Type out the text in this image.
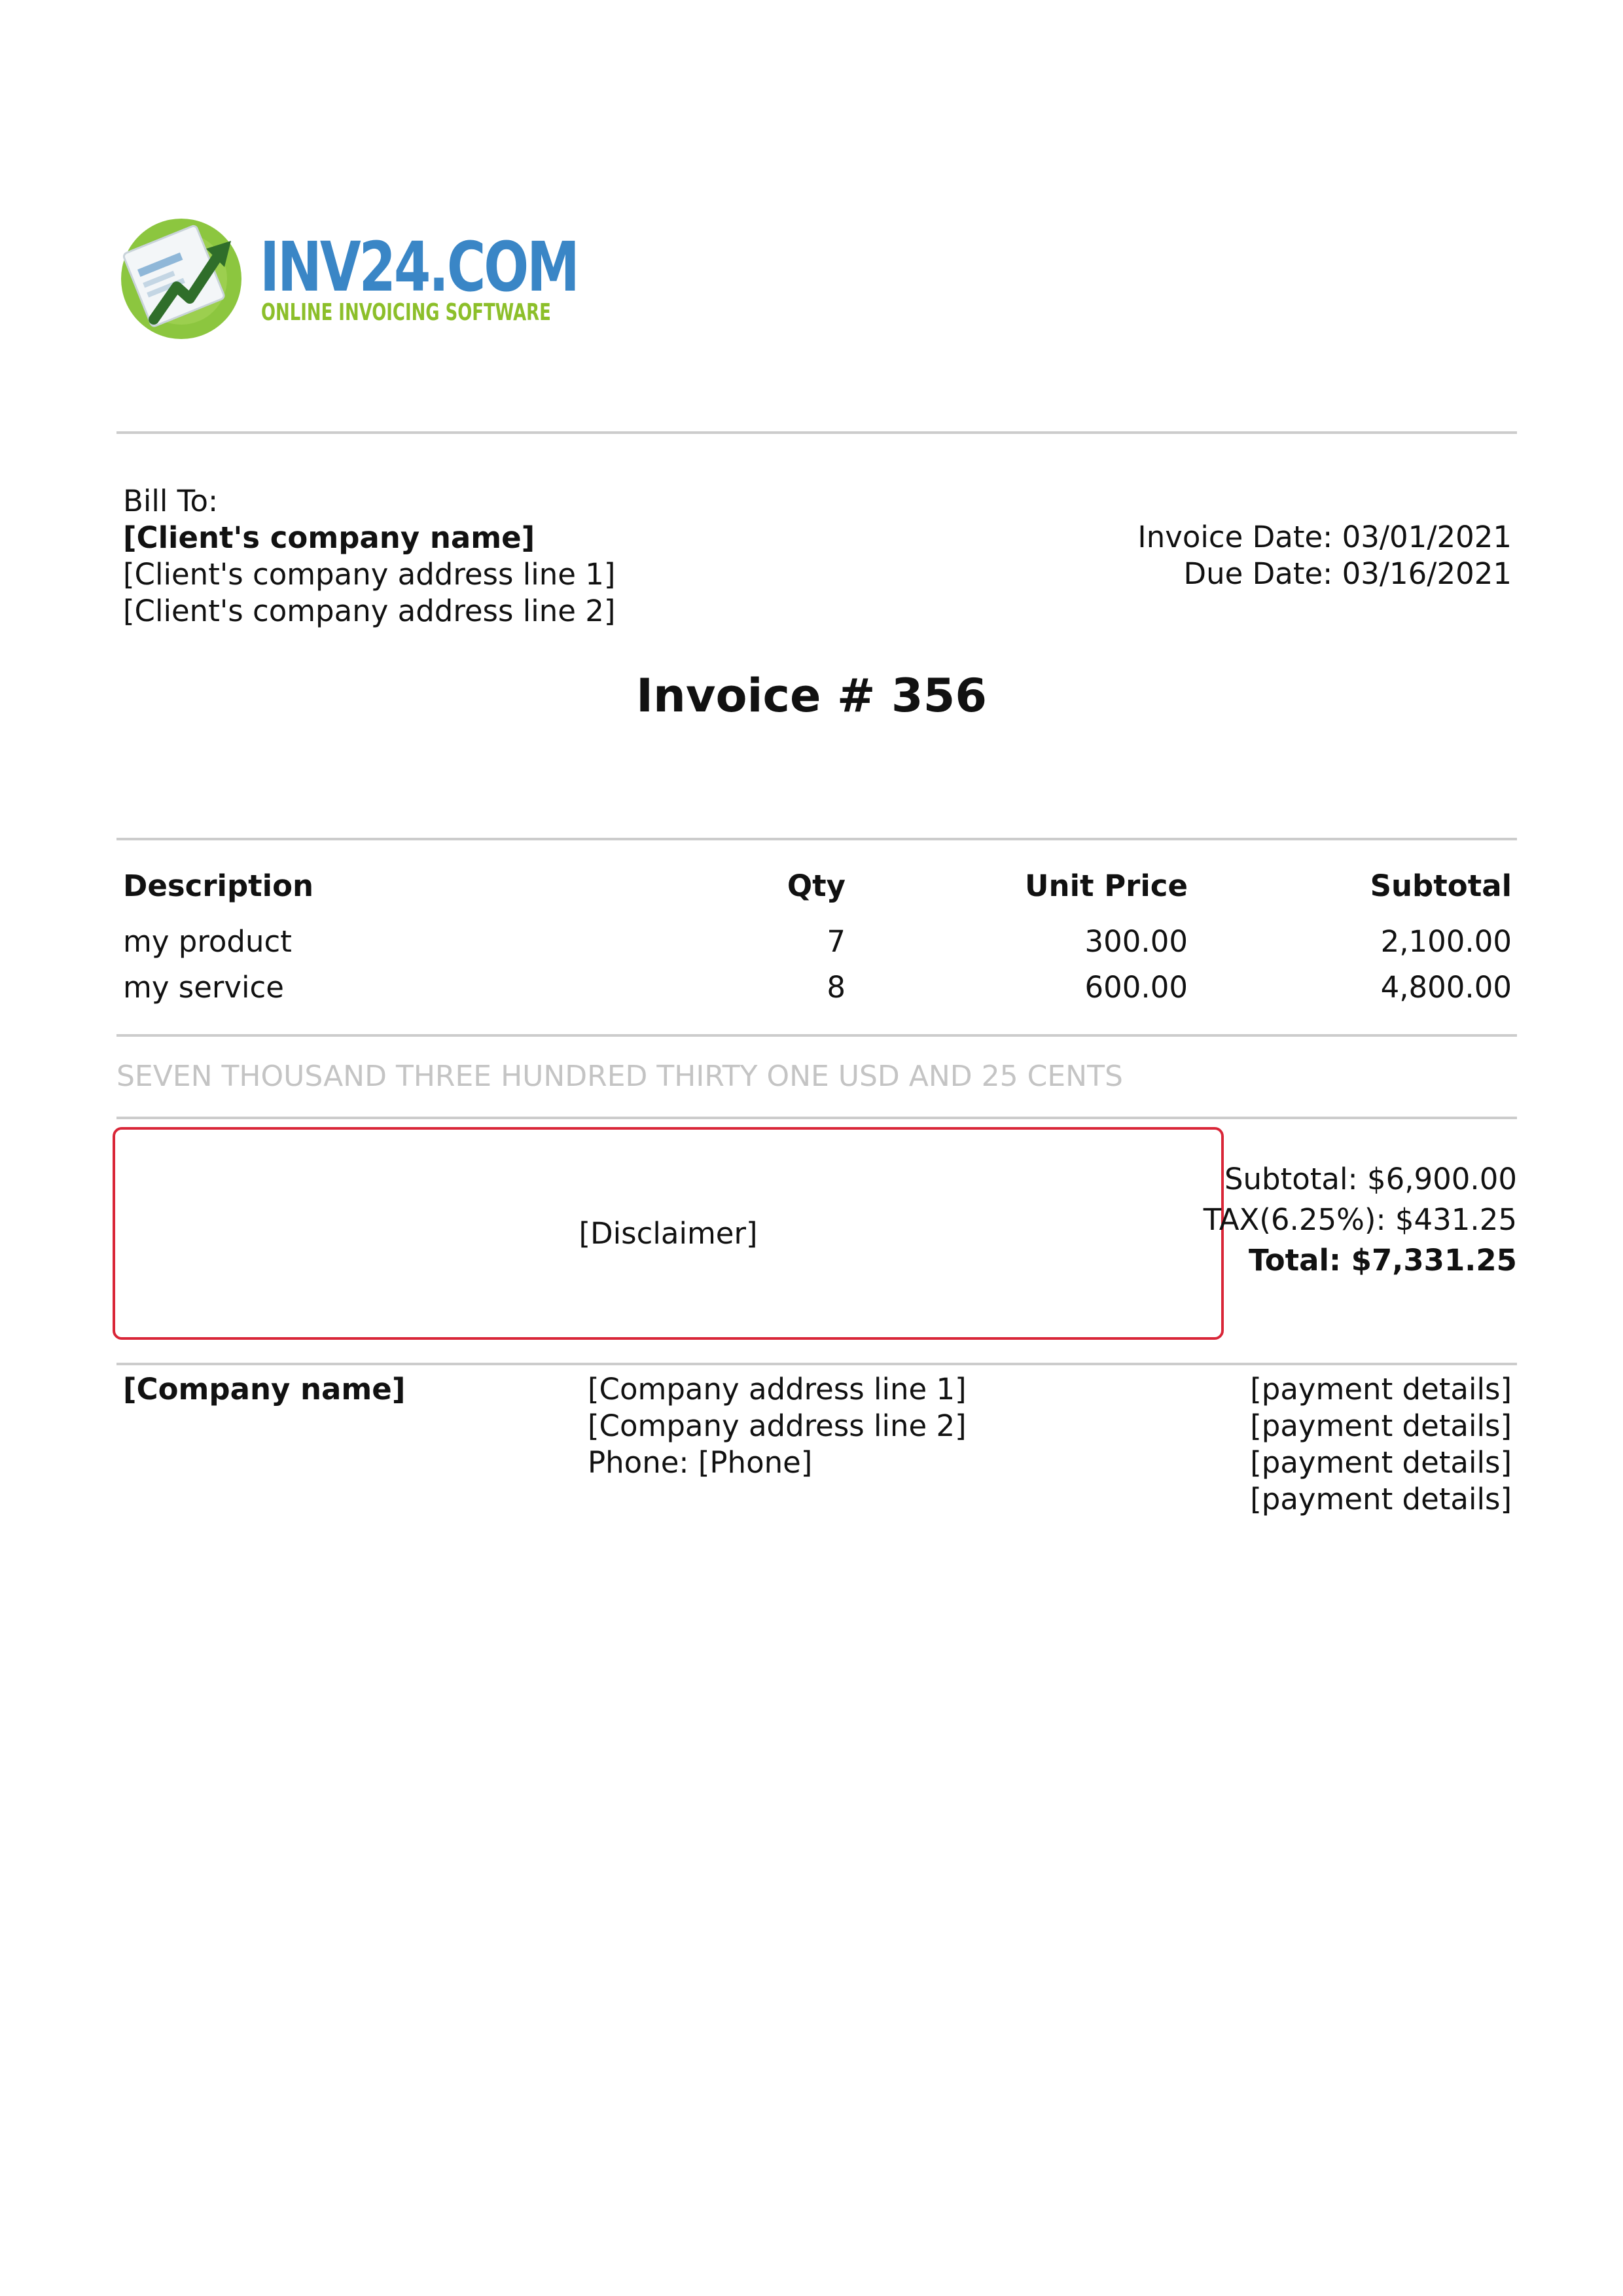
INV24.COM
ONLINE INVOICING SOFTWARE
Bill To:
[Client's company name]
[Client's company address line 1]
[Client's company address line 2]
Invoice Date: 03/01/2021
Due Date: 03/16/2021
Invoice # 356
Description	Qty	Unit Price	Subtotal
my product	7	300.00	2,100.00
my service	8	600.00	4,800.00
SEVEN THOUSAND THREE HUNDRED THIRTY ONE USD AND 25 CENTS
[Disclaimer]
Subtotal: $6,900.00
TAX(6.25%): $431.25
Total: $7,331.25
[Company name]	[Company address line 1]
[Company address line 2]
Phone: [Phone]
[payment details]
[payment details]
[payment details]
[payment details]
